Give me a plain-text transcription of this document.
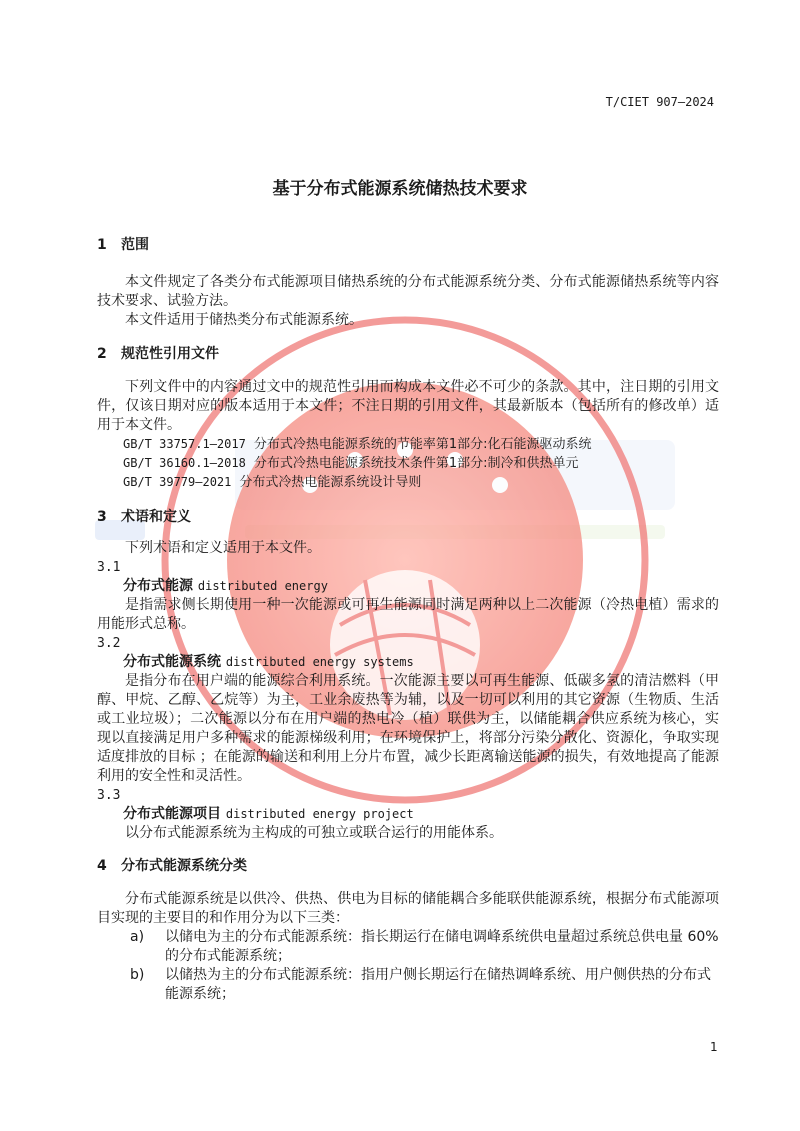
T/CIET 907—2024
基于分布式能源系统储热技术要求
1 范围
本文件规定了各类分布式能源项目储热系统的分布式能源系统分类、分布式能源储热系统等内容技术要求、试验方法。
本文件适用于储热类分布式能源系统。
2 规范性引用文件
下列文件中的内容通过文中的规范性引用而构成本文件必不可少的条款。其中，注日期的引用文件，仅该日期对应的版本适用于本文件；不注日期的引用文件，其最新版本（包括所有的修改单）适用于本文件。
GB/T 33757.1—2017 分布式冷热电能源系统的节能率第1部分:化石能源驱动系统
GB/T 36160.1—2018 分布式冷热电能源系统技术条件第1部分:制冷和供热单元
GB/T 39779—2021 分布式冷热电能源系统设计导则
3 术语和定义
下列术语和定义适用于本文件。
3.1
分布式能源 distributed energy
是指需求侧长期使用一种一次能源或可再生能源同时满足两种以上二次能源（冷热电植）需求的用能形式总称。
3.2
分布式能源系统 distributed energy systems
是指分布在用户端的能源综合利用系统。一次能源主要以可再生能源、低碳多氢的清洁燃料（甲醇、甲烷、乙醇、乙烷等）为主，工业余废热等为辅，以及一切可以利用的其它资源（生物质、生活或工业垃圾）；二次能源以分布在用户端的热电冷（植）联供为主，以储能耦合供应系统为核心，实现以直接满足用户多种需求的能源梯级利用；在环境保护上，将部分污染分散化、资源化，争取实现适度排放的目标 ；在能源的输送和利用上分片布置，减少长距离输送能源的损失，有效地提高了能源利用的安全性和灵活性。
3.3
分布式能源项目 distributed energy project
以分布式能源系统为主构成的可独立或联合运行的用能体系。
4 分布式能源系统分类
分布式能源系统是以供冷、供热、供电为目标的储能耦合多能联供能源系统，根据分布式能源项目实现的主要目的和作用分为以下三类：
a) 以储电为主的分布式能源系统：指长期运行在储电调峰系统供电量超过系统总供电量 60%的分布式能源系统；
b) 以储热为主的分布式能源系统：指用户侧长期运行在储热调峰系统、用户侧供热的分布式能源系统；
1
